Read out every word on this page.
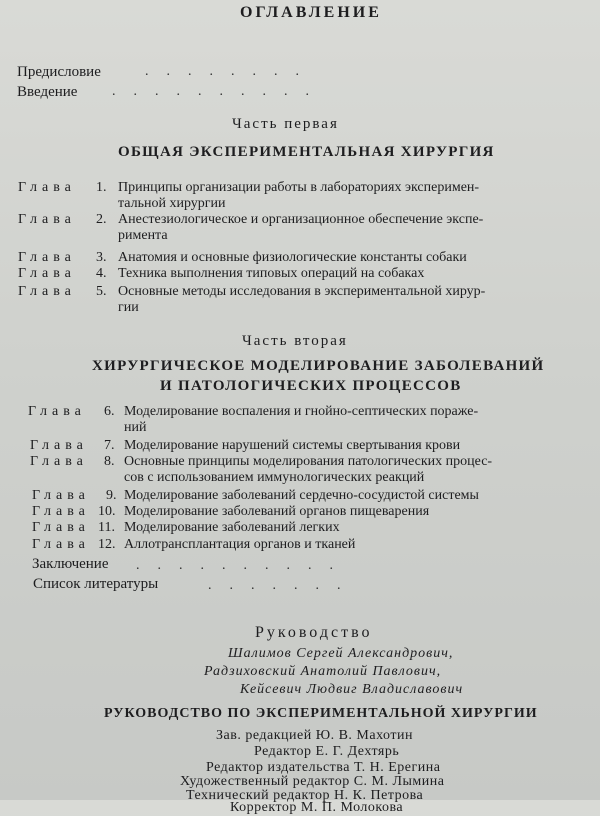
ОГЛАВЛЕНИЕ
Предисловие	........
Введение ..........
Часть первая
ОБЩАЯ ЭКСПЕРИМЕНТАЛЬНАЯ ХИРУРГИЯ
Глава 1. Принципы организации работы в лабораториях эксперимен-
тальной хирургии
Глава 2. Анестезиологическое и организационное обеспечение экспе-
римента
Глава 3. Анатомия и основные физиологические константы собаки
Глава 4. Техника выполнения типовых операций на собаках
Глава 5. Основные методы исследования в экспериментальной хирур-
гии
Часть вторая
ХИРУРГИЧЕСКОЕ МОДЕЛИРОВАНИЕ ЗАБОЛЕВАНИЙ
И ПАТОЛОГИЧЕСКИХ ПРОЦЕССОВ
Глава 6. Моделирование воспаления и гнойно-септических пораже-
ний
Глава 7. Моделирование нарушений системы свертывания крови
Глава 8. Основные принципы моделирования патологических процес-
сов с использованием иммунологических реакций
Глава 9. Моделирование заболеваний сердечно-сосудистой системы
Глава 10. Моделирование заболеваний органов пищеварения
Глава 11. Моделирование заболеваний легких
Глава 12. Аллотрансплантация органов и тканей
Заключение ..........
Список литературы	.......
Руководство
Шалимов Сергей Александрович,
Радзиховский Анатолий Павлович,
Кейсевич Людвиг Владиславович
РУКОВОДСТВО ПО ЭКСПЕРИМЕНТАЛЬНОЙ ХИРУРГИИ
Зав. редакцией Ю. В. Махотин
Редактор Е. Г. Дехтярь
Редактор издательства Т. Н. Ерегина
Художественный редактор С. М. Лымина
Технический редактор Н. К. Петрова
Корректор М. П. Молокова
